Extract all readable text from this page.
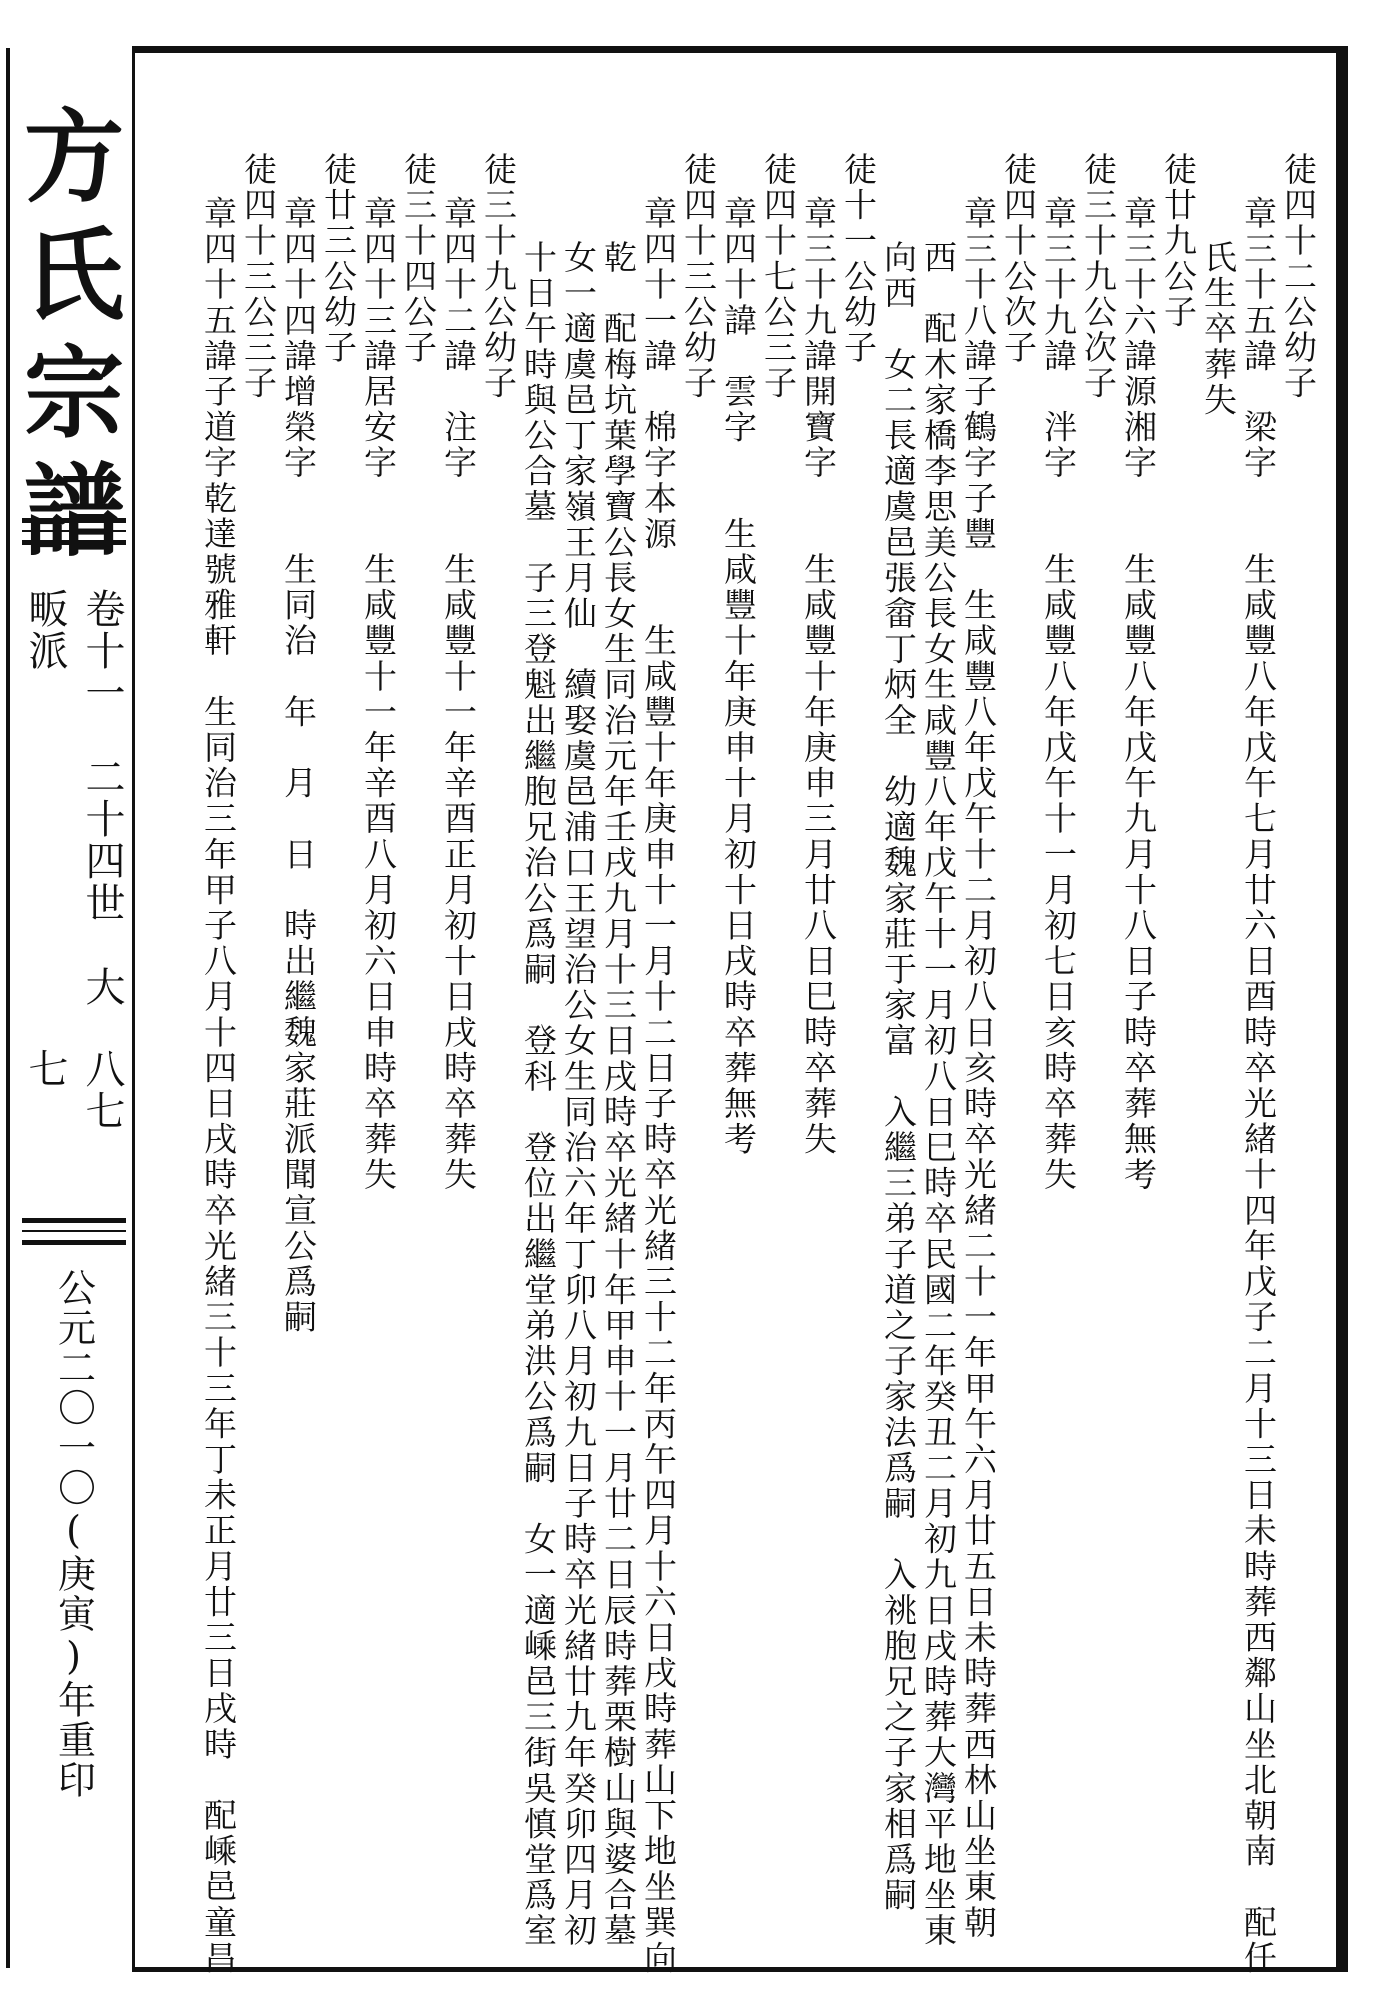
方
氏
宗
譜
卷十一　二十四世　大畈派
八七七
公元二〇一〇(庚寅)年重印
徒四十二公幼子
章三十五諱　梁字　　生咸豐八年戊午七月廿六日酉時卒光緒十四年戊子二月十三日未時葬西鄰山坐北朝南　配任
氏生卒葬失
徒廿九公子
章三十六諱源湘字　　生咸豐八年戊午九月十八日子時卒葬無考
徒三十九公次子
章三十九諱　泮字　　生咸豐八年戊午十一月初七日亥時卒葬失
徒四十公次子
章三十八諱子鶴字子豐　生咸豐八年戊午十二月初八日亥時卒光緒二十一年甲午六月廿五日未時葬西林山坐東朝
西　配木家橋李思美公長女生咸豐八年戊午十一月初八日巳時卒民國二年癸丑二月初九日戌時葬大灣平地坐東
向西　女二長適虞邑張畲丁炳全　幼適魏家莊于家富　入繼三弟子道之子家法爲嗣　入祧胞兄之子家相爲嗣
徒十一公幼子
章三十九諱開寶字　　生咸豐十年庚申三月廿八日巳時卒葬失
徒四十七公三子
章四十諱　雲字　　生咸豐十年庚申十月初十日戌時卒葬無考
徒四十三公幼子
章四十一諱　棉字本源　　生咸豐十年庚申十一月十二日子時卒光緒三十二年丙午四月十六日戌時葬山下地坐巽向
乾　配梅坑葉學寶公長女生同治元年壬戌九月十三日戌時卒光緒十年甲申十一月廿二日辰時葬栗樹山與婆合墓
女一適虞邑丁家嶺王月仙　續娶虞邑浦口王望治公女生同治六年丁卯八月初九日子時卒光緒廿九年癸卯四月初
十日午時與公合墓　子三登魁出繼胞兄治公爲嗣　登科　登位出繼堂弟洪公爲嗣　女一適嵊邑三街吳慎堂爲室
徒三十九公幼子
章四十二諱　注字　　生咸豐十一年辛酉正月初十日戌時卒葬失
徒三十四公子
章四十三諱居安字　　生咸豐十一年辛酉八月初六日申時卒葬失
徒廿三公幼子
章四十四諱增榮字　　生同治　年　月　日　時出繼魏家莊派聞宣公爲嗣
徒四十三公三子
章四十五諱子道字乾達號雅軒　生同治三年甲子八月十四日戌時卒光緒三十三年丁未正月廿三日戌時　配嵊邑童昌
